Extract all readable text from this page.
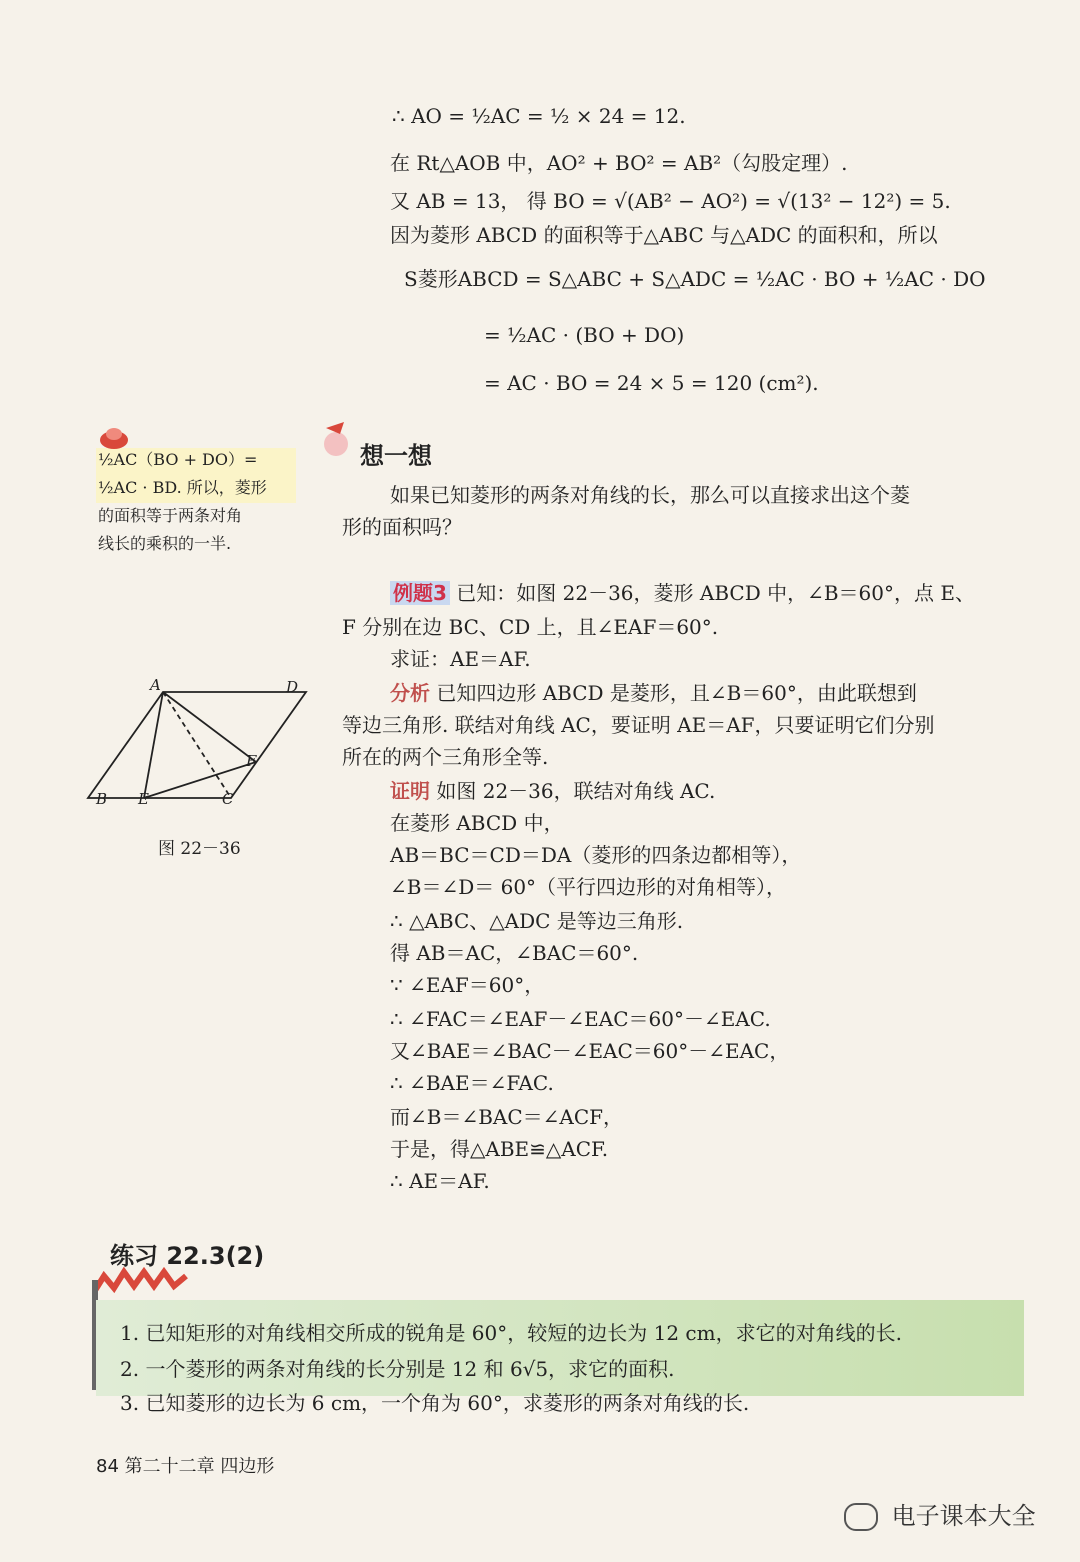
∴ AO = ½AC = ½ × 24 = 12.
在 Rt△AOB 中，AO² + BO² = AB²（勾股定理）.
又 AB = 13， 得 BO = √(AB² − AO²) = √(13² − 12²) = 5.
因为菱形 ABCD 的面积等于△ABC 与△ADC 的面积和，所以
S菱形ABCD = S△ABC + S△ADC = ½AC · BO + ½AC · DO
= ½AC · (BO + DO)
= AC · BO = 24 × 5 = 120 (cm²).
½AC（BO + DO）=
½AC · BD. 所以，菱形
的面积等于两条对角
线长的乘积的一半.
想一想
如果已知菱形的两条对角线的长，那么可以直接求出这个菱
形的面积吗？
例题3 已知：如图 22－36，菱形 ABCD 中，∠B＝60°，点 E、
F 分别在边 BC、CD 上，且∠EAF＝60°.
求证：AE＝AF.
分析 已知四边形 ABCD 是菱形，且∠B＝60°，由此联想到
等边三角形. 联结对角线 AC，要证明 AE＝AF，只要证明它们分别
所在的两个三角形全等.
证明 如图 22－36，联结对角线 AC.
在菱形 ABCD 中，
AB＝BC＝CD＝DA（菱形的四条边都相等），
∠B＝∠D＝ 60°（平行四边形的对角相等），
∴ △ABC、△ADC 是等边三角形.
得 AB＝AC，∠BAC＝60°.
∵ ∠EAF＝60°，
∴ ∠FAC＝∠EAF－∠EAC＝60°－∠EAC.
又∠BAE＝∠BAC－∠EAC＝60°－∠EAC，
∴ ∠BAE＝∠FAC.
而∠B＝∠BAC＝∠ACF，
于是，得△ABE≌△ACF.
∴ AE＝AF.
A	D
B E	C
F
图 22－36
练习 22.3(2)
1. 已知矩形的对角线相交所成的锐角是 60°，较短的边长为 12 cm，求它的对角线的长.
2. 一个菱形的两条对角线的长分别是 12 和 6√5，求它的面积.
3. 已知菱形的边长为 6 cm，一个角为 60°，求菱形的两条对角线的长.
84 第二十二章 四边形
电子课本大全
